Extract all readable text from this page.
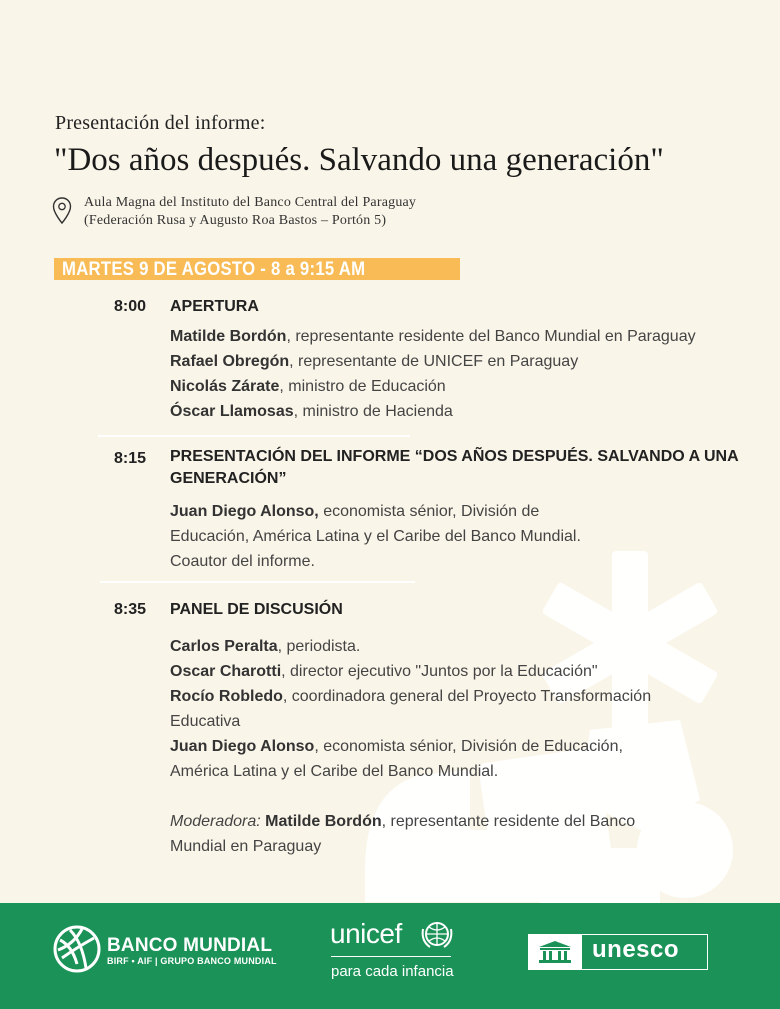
Presentación del informe:
"Dos años después. Salvando una generación"
Aula Magna del Instituto del Banco Central del Paraguay
(Federación Rusa y Augusto Roa Bastos – Portón 5)
MARTES 9 DE AGOSTO - 8 a 9:15 AM
8:00 APERTURA
Matilde Bordón, representante residente del Banco Mundial en Paraguay
Rafael Obregón, representante de UNICEF en Paraguay
Nicolás Zárate, ministro de Educación
Óscar Llamosas, ministro de Hacienda
8:15 PRESENTACIÓN DEL INFORME “DOS AÑOS DESPUÉS. SALVANDO A UNA
GENERACIÓN”
Juan Diego Alonso, economista sénior, División de
Educación, América Latina y el Caribe del Banco Mundial.
Coautor del informe.
8:35 PANEL DE DISCUSIÓN
Carlos Peralta, periodista.
Oscar Charotti, director ejecutivo "Juntos por la Educación"
Rocío Robledo, coordinadora general del Proyecto Transformación
Educativa
Juan Diego Alonso, economista sénior, División de Educación,
América Latina y el Caribe del Banco Mundial.
Moderadora: Matilde Bordón, representante residente del Banco
Mundial en Paraguay
BANCO MUNDIAL
BIRF • AIF | GRUPO BANCO MUNDIAL
unicef
para cada infancia
unesco
